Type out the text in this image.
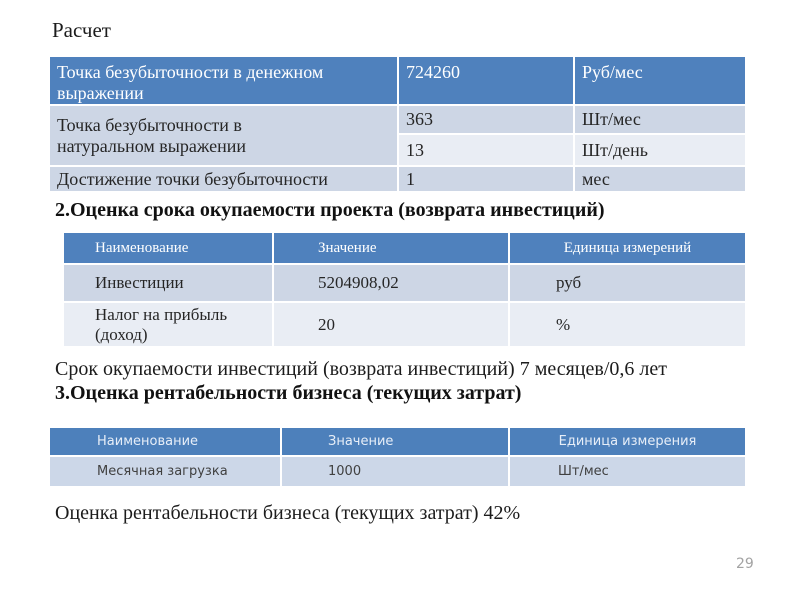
Расчет
Точка безубыточности в денежном выражении	724260	Руб/мес
Точка безубыточности в натуральном выражении	363	Шт/мес
	13	Шт/день
Достижение точки безубыточности	1	мес
2.Оценка срока окупаемости проекта (возврата инвестиций)
Наименование	Значение	Единица измерений
Инвестиции	5204908,02	руб
Налог на прибыль (доход)	20	%
Срок окупаемости инвестиций (возврата инвестиций) 7 месяцев/0,6 лет
3.Оценка рентабельности бизнеса (текущих затрат)
Наименование	Значение	Единица измерения
Месячная загрузка	1000	Шт/мес
Оценка рентабельности бизнеса (текущих затрат) 42%
29
